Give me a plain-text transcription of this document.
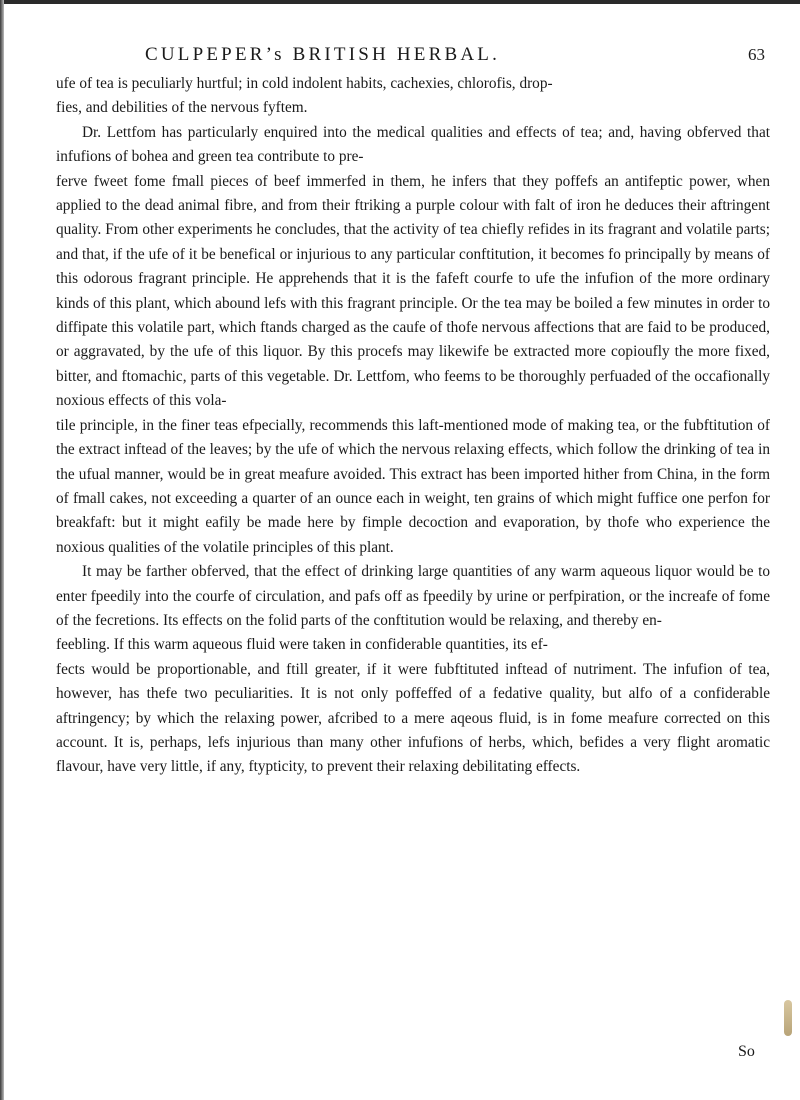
CULPEPER’s BRITISH HERBAL.	63

ufe of tea is peculiarly hurtful; in cold indolent habits, cachexies, chlorofis, drop-
fies, and debilities of the nervous fyftem.

Dr. Lettfom has particularly enquired into the medical qualities and effects of tea; and, having obferved that infufions of bohea and green tea contribute to pre-
ferve fweet fome fmall pieces of beef immerfed in them, he infers that they poffefs an antifeptic power, when applied to the dead animal fibre, and from their ftriking a purple colour with falt of iron he deduces their aftringent quality. From other experiments he concludes, that the activity of tea chiefly refides in its fragrant and volatile parts; and that, if the ufe of it be benefical or injurious to any particular conftitution, it becomes fo principally by means of this odorous fragrant principle. He apprehends that it is the fafeft courfe to ufe the infufion of the more ordinary kinds of this plant, which abound lefs with this fragrant principle. Or the tea may be boiled a few minutes in order to diffipate this volatile part, which ftands charged as the caufe of thofe nervous affections that are faid to be produced, or aggravated, by the ufe of this liquor. By this procefs may likewife be extracted more copioufly the more fixed, bitter, and ftomachic, parts of this vegetable. Dr. Lettfom, who feems to be thoroughly perfuaded of the occafionally noxious effects of this vola-
tile principle, in the finer teas efpecially, recommends this laft-mentioned mode of making tea, or the fubftitution of the extract inftead of the leaves; by the ufe of which the nervous relaxing effects, which follow the drinking of tea in the ufual manner, would be in great meafure avoided. This extract has been imported hither from China, in the form of fmall cakes, not exceeding a quarter of an ounce each in weight, ten grains of which might fuffice one perfon for breakfaft: but it might eafily be made here by fimple decoction and evaporation, by thofe who experience the noxious qualities of the volatile principles of this plant.

It may be farther obferved, that the effect of drinking large quantities of any warm aqueous liquor would be to enter fpeedily into the courfe of circulation, and pafs off as fpeedily by urine or perfpiration, or the increafe of fome of the fecretions. Its effects on the folid parts of the conftitution would be relaxing, and thereby en-
feebling. If this warm aqueous fluid were taken in confiderable quantities, its ef-
fects would be proportionable, and ftill greater, if it were fubftituted inftead of nutriment. The infufion of tea, however, has thefe two peculiarities. It is not only poffeffed of a fedative quality, but alfo of a confiderable aftringency; by which the relaxing power, afcribed to a mere aqeous fluid, is in fome meafure corrected on this account. It is, perhaps, lefs injurious than many other infufions of herbs, which, befides a very flight aromatic flavour, have very little, if any, ftypticity, to prevent their relaxing debilitating effects.

So
